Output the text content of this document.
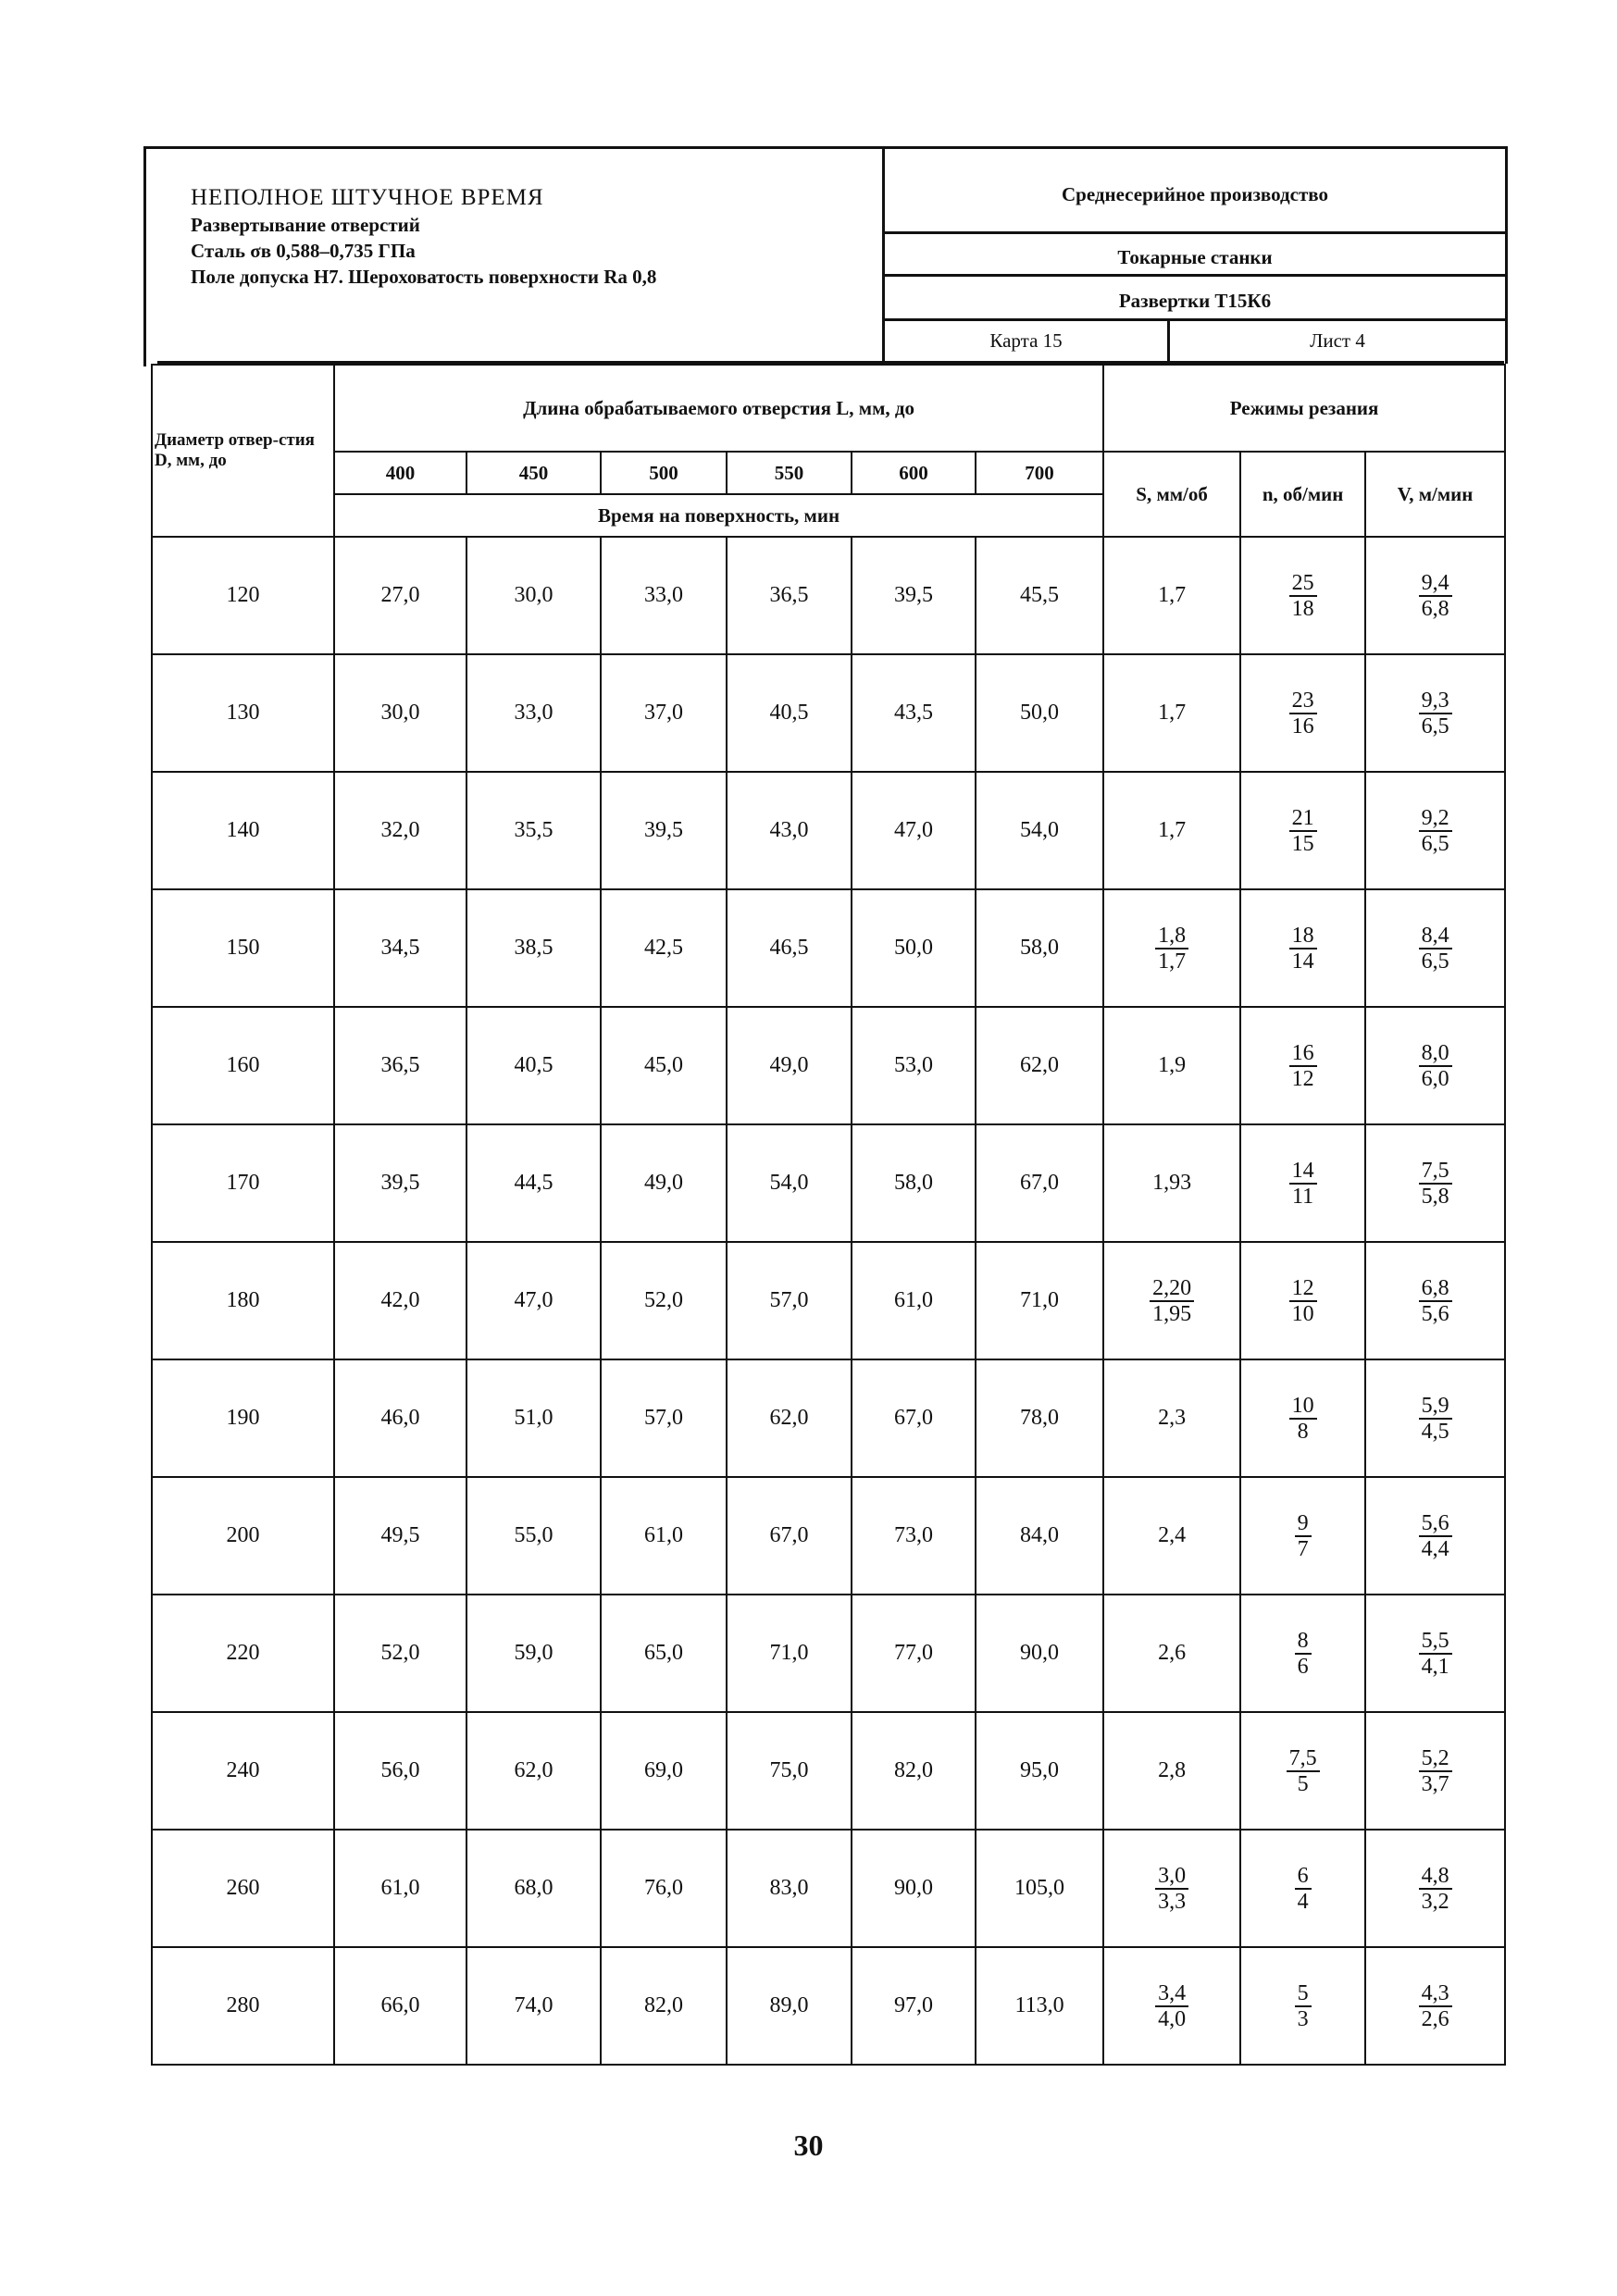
НЕПОЛНОЕ ШТУЧНОЕ ВРЕМЯ
Развертывание отверстий
Сталь σв 0,588–0,735 ГПа
Поле допуска H7. Шероховатость поверхности Ra 0,8
Среднесерийное производство
Токарные станки
Развертки Т15К6
Карта 15	Лист 4
Диаметр отвер-стия D, мм, до	Длина обрабатываемого отверстия L, мм, до						Режимы резания		
	400	450	500	550	600	700	S, мм/об	n, об/мин	V, м/мин
	Время на поверхность, мин								
120	27,0	30,0	33,0	36,5	39,5	45,5	1,7	$\frac{25}{18}$	$\frac{9,4}{6,8}$

130	30,0	33,0	37,0	40,5	43,5	50,0	1,7	$\frac{23}{16}$	$\frac{9,3}{6,5}$

140	32,0	35,5	39,5	43,0	47,0	54,0	1,7	$\frac{21}{15}$	$\frac{9,2}{6,5}$

150	34,5	38,5	42,5	46,5	50,0	58,0	$\frac{1,8}{1,7}$	$\frac{18}{14}$	$\frac{8,4}{6,5}$

160	36,5	40,5	45,0	49,0	53,0	62,0	1,9	$\frac{16}{12}$	$\frac{8,0}{6,0}$

170	39,5	44,5	49,0	54,0	58,0	67,0	1,93	$\frac{14}{11}$	$\frac{7,5}{5,8}$

180	42,0	47,0	52,0	57,0	61,0	71,0	$\frac{2,20}{1,95}$	$\frac{12}{10}$	$\frac{6,8}{5,6}$

190	46,0	51,0	57,0	62,0	67,0	78,0	2,3	$\frac{10}{8}$	$\frac{5,9}{4,5}$

200	49,5	55,0	61,0	67,0	73,0	84,0	2,4	$\frac{9}{7}$	$\frac{5,6}{4,4}$

220	52,0	59,0	65,0	71,0	77,0	90,0	2,6	$\frac{8}{6}$	$\frac{5,5}{4,1}$

240	56,0	62,0	69,0	75,0	82,0	95,0	2,8	$\frac{7,5}{5}$	$\frac{5,2}{3,7}$

260	61,0	68,0	76,0	83,0	90,0	105,0	$\frac{3,0}{3,3}$	$\frac{6}{4}$	$\frac{4,8}{3,2}$

280	66,0	74,0	82,0	89,0	97,0	113,0	$\frac{3,4}{4,0}$	$\frac{5}{3}$	$\frac{4,3}{2,6}$
30
